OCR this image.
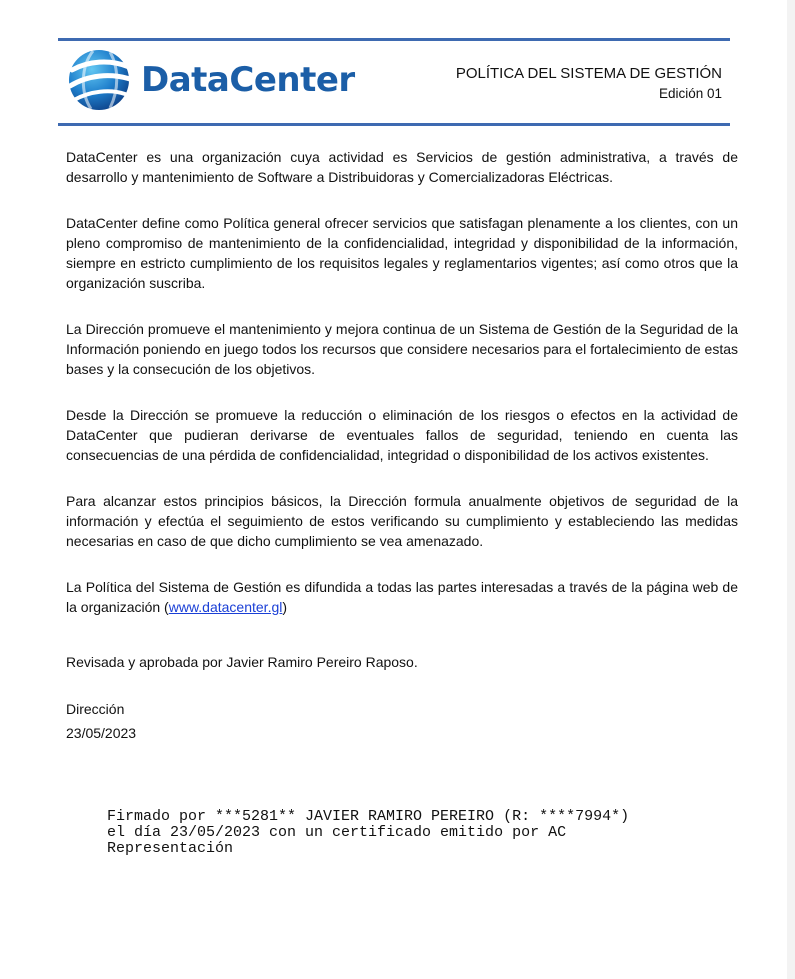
DataCenter	POLÍTICA DEL SISTEMA DE GESTIÓN
Edición 01

DataCenter es una organización cuya actividad es Servicios de gestión administrativa, a través de desarrollo y mantenimiento de Software a Distribuidoras y Comercializadoras Eléctricas.

DataCenter define como Política general ofrecer servicios que satisfagan plenamente a los clientes, con un pleno compromiso de mantenimiento de la confidencialidad, integridad y disponibilidad de la información, siempre en estricto cumplimiento de los requisitos legales y reglamentarios vigentes; así como otros que la organización suscriba.

La Dirección promueve el mantenimiento y mejora continua de un Sistema de Gestión de la Seguridad de la Información poniendo en juego todos los recursos que considere necesarios para el fortalecimiento de estas bases y la consecución de los objetivos.

Desde la Dirección se promueve la reducción o eliminación de los riesgos o efectos en la actividad de DataCenter que pudieran derivarse de eventuales fallos de seguridad, teniendo en cuenta las consecuencias de una pérdida de confidencialidad, integridad o disponibilidad de los activos existentes.

Para alcanzar estos principios básicos, la Dirección formula anualmente objetivos de seguridad de la información y efectúa el seguimiento de estos verificando su cumplimiento y estableciendo las medidas necesarias en caso de que dicho cumplimiento se vea amenazado.

La Política del Sistema de Gestión es difundida a todas las partes interesadas a través de la página web de la organización (www.datacenter.gl)

Revisada y aprobada por Javier Ramiro Pereiro Raposo.

Dirección

23/05/2023

Firmado por ***5281** JAVIER RAMIRO PEREIRO (R: ****7994*)
el día 23/05/2023 con un certificado emitido por AC
Representación
